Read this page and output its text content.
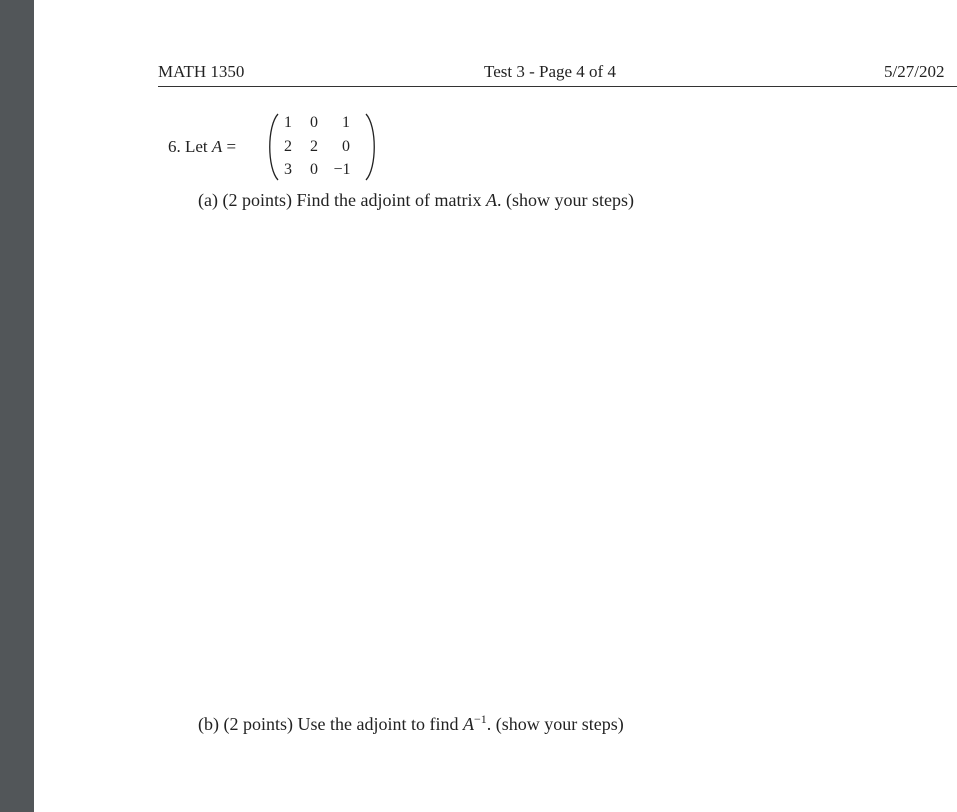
MATH 1350	Test 3 - Page 4 of 4	5/27/202
6. Let A =
1	0	1
2	2	0
3	0 −1
(a) (2 points) Find the adjoint of matrix A. (show your steps)
(b) (2 points) Use the adjoint to find $A^{-1}$. (show your steps)
